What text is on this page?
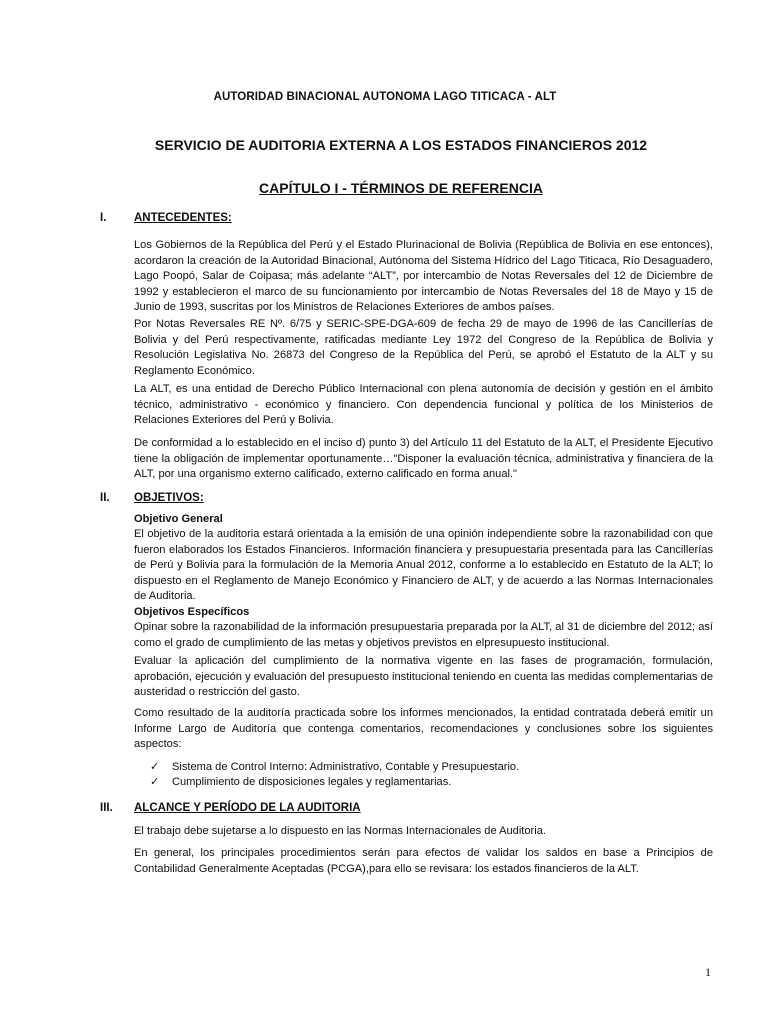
AUTORIDAD BINACIONAL AUTONOMA LAGO TITICACA - ALT
SERVICIO DE AUDITORIA EXTERNA A LOS ESTADOS FINANCIEROS 2012
CAPÍTULO I - TÉRMINOS DE REFERENCIA
I. ANTECEDENTES:
Los Gobiernos de la República del Perú y el Estado Plurinacional de Bolivia (República de Bolivia en ese entonces), acordaron la creación de la Autoridad Binacional, Autónoma del Sistema Hídrico del Lago Titicaca, Río Desaguadero, Lago Poopó, Salar de Coipasa; más adelante “ALT”, por intercambio de Notas Reversales del 12 de Diciembre de 1992 y establecieron el marco de su funcionamiento por intercambio de Notas Reversales del 18 de Mayo y 15 de Junio de 1993, suscritas por los Ministros de Relaciones Exteriores de ambos países.
Por Notas Reversales RE Nº. 6/75 y SERIC-SPE-DGA-609 de fecha 29 de mayo de 1996 de las Cancillerías de Bolivia y del Perú respectivamente, ratificadas mediante Ley 1972 del Congreso de la República de Bolivia y Resolución Legislativa No. 26873 del Congreso de la República del Perú, se aprobó el Estatuto de la ALT y su Reglamento Económico.
La ALT, es una entidad de Derecho Público Internacional con plena autonomía de decisión y gestión en el ámbito técnico, administrativo - económico y financiero. Con dependencia funcional y política de los Ministerios de Relaciones Exteriores del Perú y Bolivia.
De conformidad a lo establecido en el inciso d) punto 3) del Artículo 11 del Estatuto de la ALT, el Presidente Ejecutivo tiene la obligación de implementar oportunamente…"Disponer la evaluación técnica, administrativa y financiera de la ALT, por una organismo externo calificado, externo calificado en forma anual."
II. OBJETIVOS:
Objetivo General
El objetivo de la auditoria estará orientada a la emisión de una opinión independiente sobre la razonabilidad con que fueron elaborados los Estados Financieros. Información financiera y presupuestaria presentada para las Cancillerías de Perú y Bolivia para la formulación de la Memoria Anual 2012, conforme a lo establecido en Estatuto de la ALT; lo dispuesto en el Reglamento de Manejo Económico y Financiero de ALT, y de acuerdo a las Normas Internacionales de Auditoria.
Objetivos Específicos
Opinar sobre la razonabilidad de la información presupuestaria preparada por la ALT, al 31 de diciembre del 2012; así como el grado de cumplimiento de las metas y objetivos previstos en elpresupuesto institucional.
Evaluar la aplicación del cumplimiento de la normativa vigente en las fases de programación, formulación, aprobación, ejecución y evaluación del presupuesto institucional teniendo en cuenta las medidas complementarias de austeridad o restricción del gasto.
Como resultado de la auditoría practicada sobre los informes mencionados, la entidad contratada deberá emitir un Informe Largo de Auditoría que contenga comentarios, recomendaciones y conclusiones sobre los siguientes aspectos:
✓ Sistema de Control Interno: Administrativo, Contable y Presupuestario.
✓ Cumplimiento de disposiciones legales y reglamentarias.
III. ALCANCE Y PERÍODO DE LA AUDITORIA
El trabajo debe sujetarse a lo dispuesto en las Normas Internacionales de Auditoria.
En general, los principales procedimientos serán para efectos de validar los saldos en base a Principios de Contabilidad Generalmente Aceptadas (PCGA),para ello se revisara: los estados financieros de la ALT.
1
